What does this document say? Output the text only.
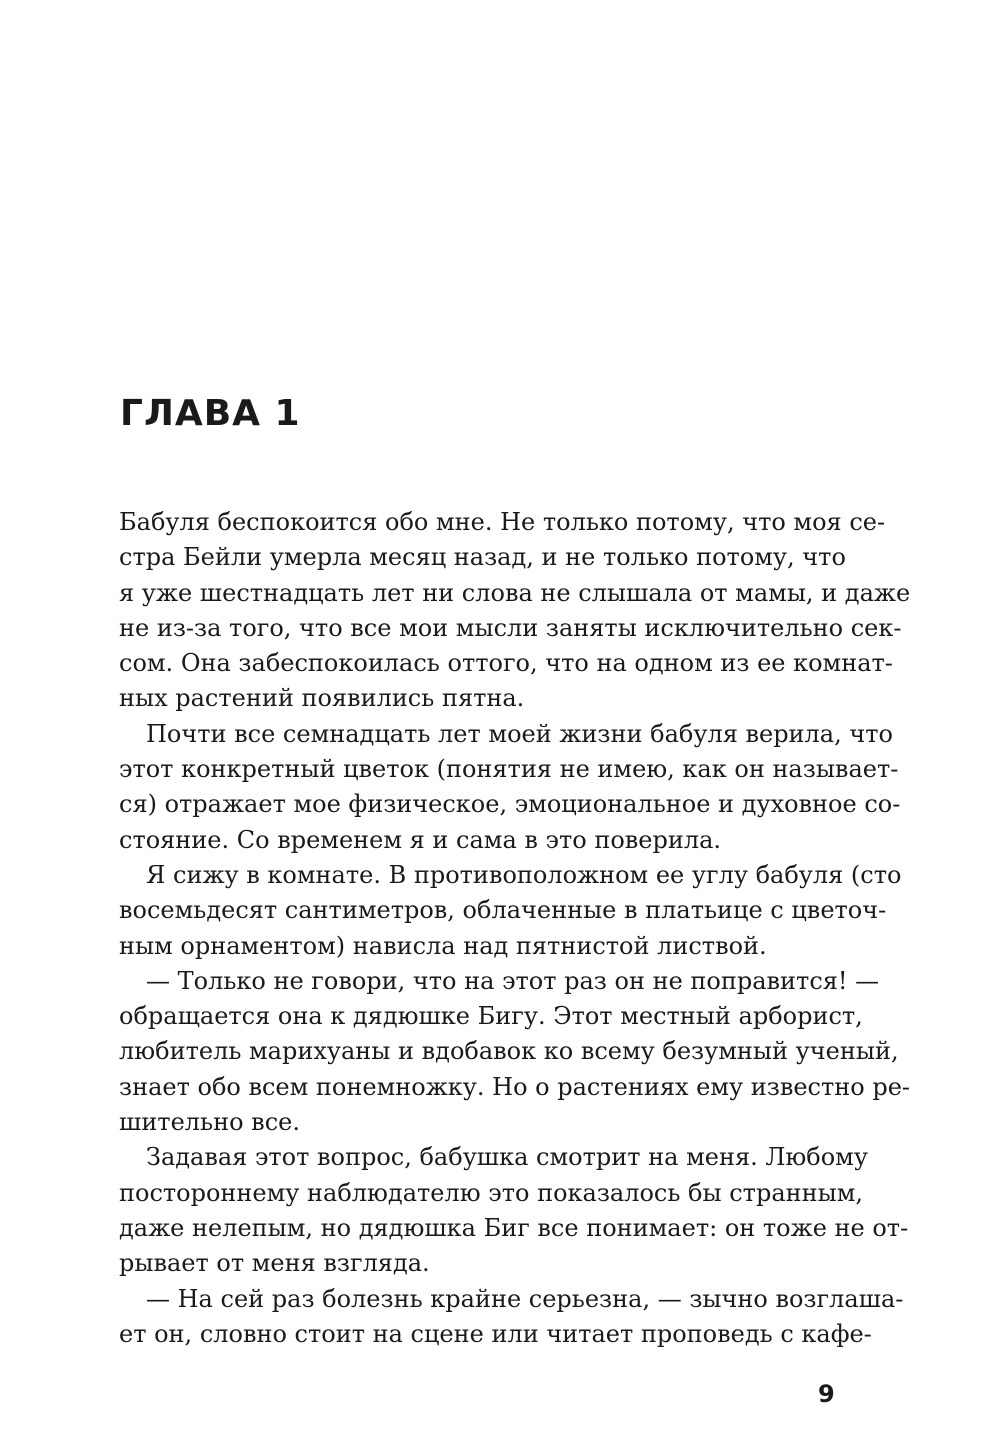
ГЛАВА 1
Бабуля беспокоится обо мне. Не только потому, что моя се-
стра Бейли умерла месяц назад, и не только потому, что
я уже шестнадцать лет ни слова не слышала от мамы, и даже
не из-за того, что все мои мысли заняты исключительно сек-
сом. Она забеспокоилась оттого, что на одном из ее комнат-
ных растений появились пятна.
Почти все семнадцать лет моей жизни бабуля верила, что
этот конкретный цветок (понятия не имею, как он называет-
ся) отражает мое физическое, эмоциональное и духовное со-
стояние. Со временем я и сама в это поверила.
Я сижу в комнате. В противоположном ее углу бабуля (сто
восемьдесят сантиметров, облаченные в платьице с цветоч-
ным орнаментом) нависла над пятнистой листвой.
— Только не говори, что на этот раз он не поправится! —
обращается она к дядюшке Бигу. Этот местный арборист,
любитель марихуаны и вдобавок ко всему безумный ученый,
знает обо всем понемножку. Но о растениях ему известно ре-
шительно все.
Задавая этот вопрос, бабушка смотрит на меня. Любому
постороннему наблюдателю это показалось бы странным,
даже нелепым, но дядюшка Биг все понимает: он тоже не от-
рывает от меня взгляда.
— На сей раз болезнь крайне серьезна, — зычно возглаша-
ет он, словно стоит на сцене или читает проповедь с кафе-
9
